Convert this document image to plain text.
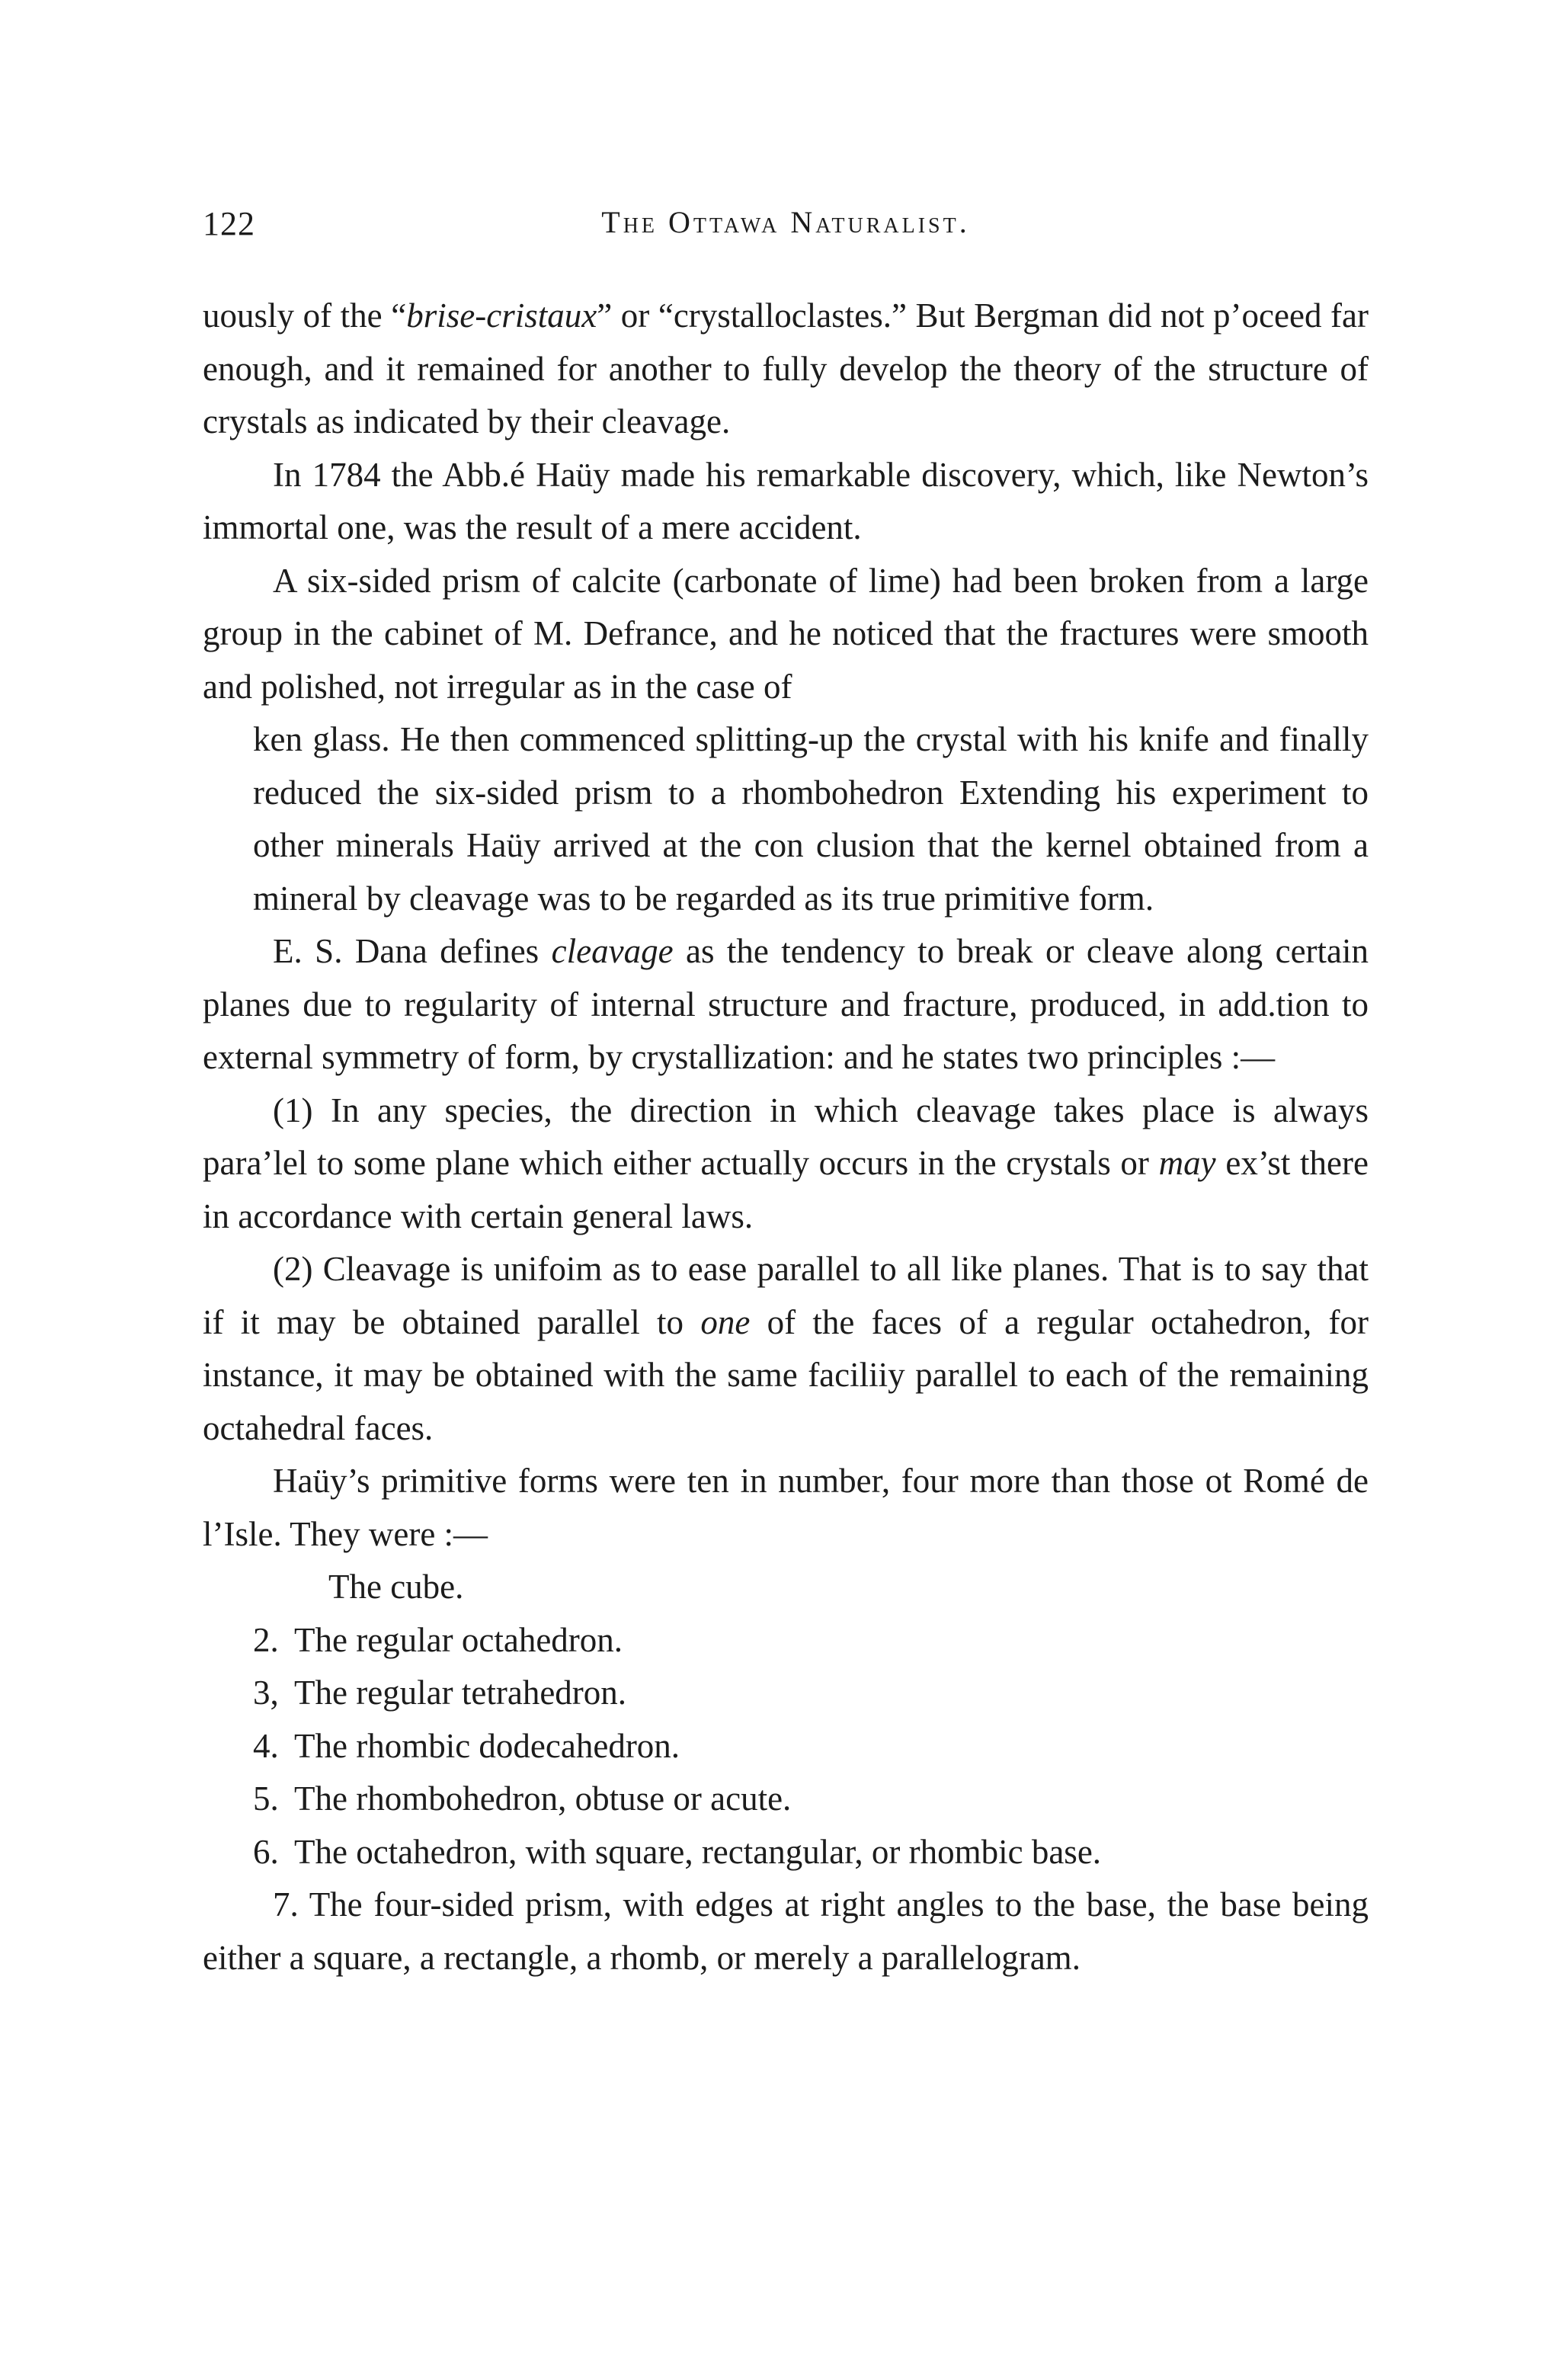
122	The Ottawa Naturalist.

uously of the “brise-cristaux” or “crystalloclastes.” But Bergman did not p’oceed far enough, and it remained for another to fully develop the theory of the structure of crystals as indicated by their cleavage.

In 1784 the Abb.é Haüy made his remarkable discovery, which, like Newton’s immortal one, was the result of a mere accident.

A six-sided prism of calcite (carbonate of lime) had been broken from a large group in the cabinet of M. Defrance, and he noticed that the fractures were smooth and polished, not irregular as in the case of

ken glass. He then commenced splitting-up the crystal with his knife and finally reduced the six-sided prism to a rhombohedron Extending his experiment to other minerals Haüy arrived at the con clusion that the kernel obtained from a mineral by cleavage was to be regarded as its true primitive form.

E. S. Dana defines cleavage as the tendency to break or cleave along certain planes due to regularity of internal structure and fracture, produced, in add.tion to external symmetry of form, by crystallization: and he states two principles :—

(1) In any species, the direction in which cleavage takes place is always para’lel to some plane which either actually occurs in the crystals or may ex’st there in accordance with certain general laws.

(2) Cleavage is unifoim as to ease parallel to all like planes. That is to say that if it may be obtained parallel to one of the faces of a regular octahedron, for instance, it may be obtained with the same faciliiy parallel to each of the remaining octahedral faces.

Haüy’s primitive forms were ten in number, four more than those ot Romé de l’Isle. They were :—

The cube.

2. The regular octahedron.

3, The regular tetrahedron.

4. The rhombic dodecahedron.

5. The rhombohedron, obtuse or acute.

6. The octahedron, with square, rectangular, or rhombic base.

7. The four-sided prism, with edges at right angles to the base, the base being either a square, a rectangle, a rhomb, or merely a parallelogram.
